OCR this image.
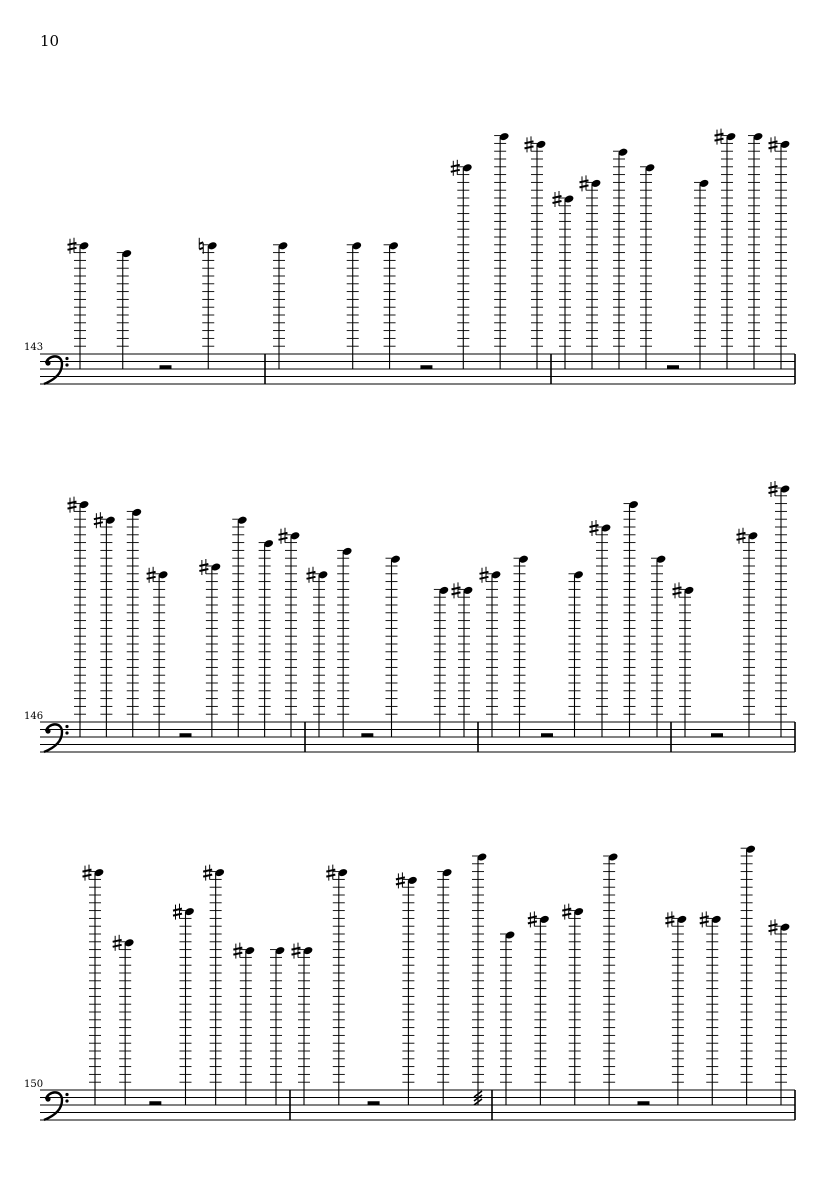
10
143
146
150
